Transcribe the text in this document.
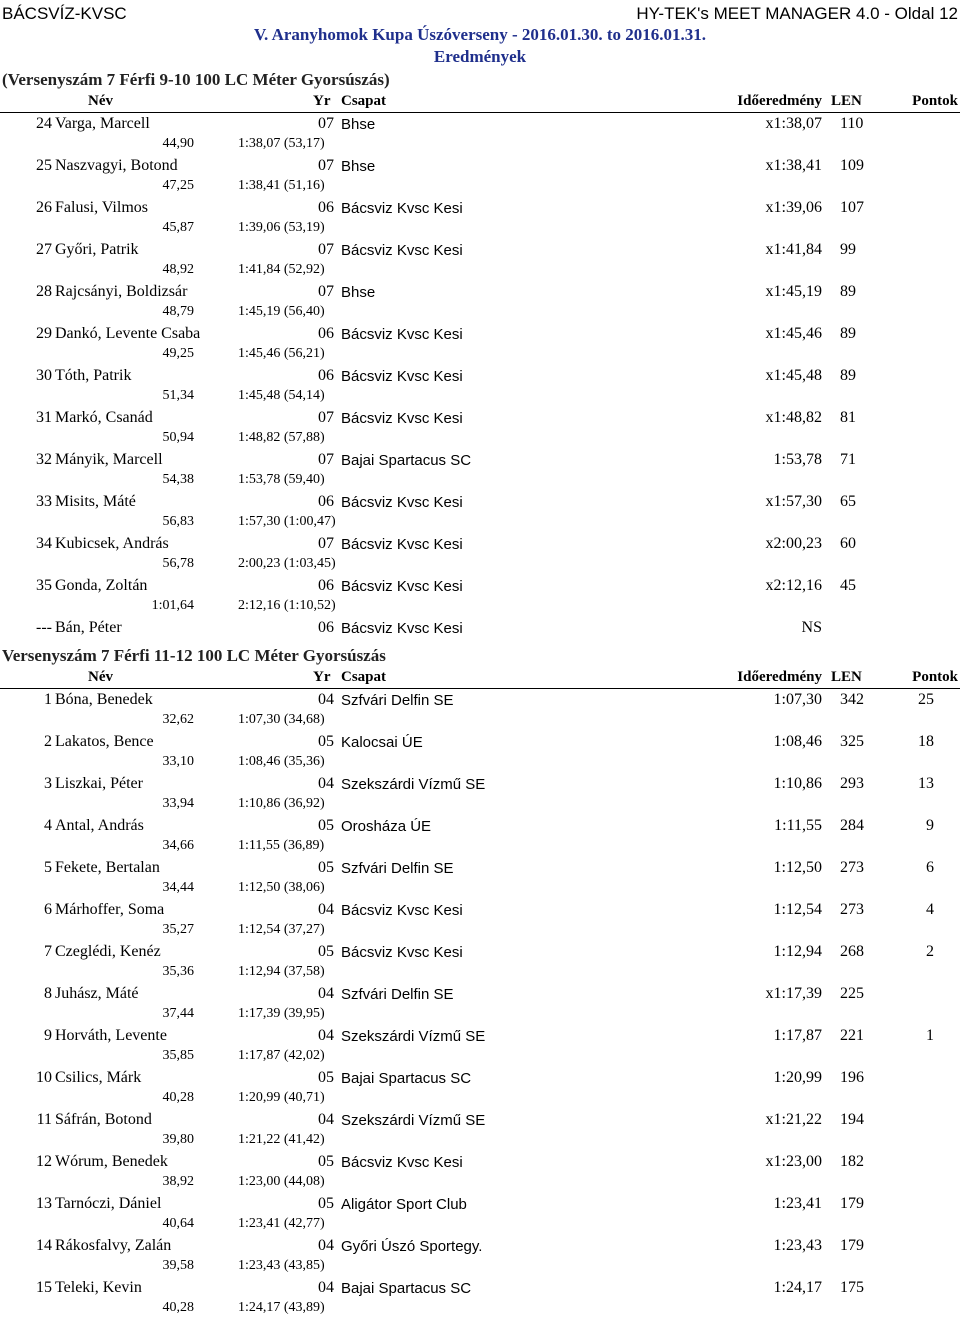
BÁCSVÍZ-KVSC	HY-TEK's MEET MANAGER 4.0 - Oldal 12
V. Aranyhomok Kupa Úszóverseny - 2016.01.30. to 2016.01.31.
Eredmények
(Versenyszám 7 Férfi 9-10 100 LC Méter Gyorsúszás)
Név	Yr Csapat	Időeredmény LEN	Pontok
24 Varga, Marcell	07 Bhse	x1:38,07 110
44,90	1:38,07 (53,17)
25 Naszvagyi, Botond	07 Bhse	x1:38,41 109
47,25	1:38,41 (51,16)
26 Falusi, Vilmos	06 Bácsviz Kvsc Kesi	x1:39,06 107
45,87	1:39,06 (53,19)
27 Győri, Patrik	07 Bácsviz Kvsc Kesi	x1:41,84 99
48,92	1:41,84 (52,92)
28 Rajcsányi, Boldizsár	07 Bhse	x1:45,19 89
48,79	1:45,19 (56,40)
29 Dankó, Levente Csaba	06 Bácsviz Kvsc Kesi	x1:45,46 89
49,25	1:45,46 (56,21)
30 Tóth, Patrik	06 Bácsviz Kvsc Kesi	x1:45,48 89
51,34	1:45,48 (54,14)
31 Markó, Csanád	07 Bácsviz Kvsc Kesi	x1:48,82 81
50,94	1:48,82 (57,88)
32 Mányik, Marcell	07 Bajai Spartacus SC	1:53,78 71
54,38	1:53,78 (59,40)
33 Misits, Máté	06 Bácsviz Kvsc Kesi	x1:57,30 65
56,83	1:57,30 (1:00,47)
34 Kubicsek, András	07 Bácsviz Kvsc Kesi	x2:00,23 60
56,78	2:00,23 (1:03,45)
35 Gonda, Zoltán	06 Bácsviz Kvsc Kesi	x2:12,16 45
1:01,64	2:12,16 (1:10,52)
--- Bán, Péter	06 Bácsviz Kvsc Kesi	NS
Versenyszám 7 Férfi 11-12 100 LC Méter Gyorsúszás
Név	Yr Csapat	Időeredmény LEN	Pontok
1 Bóna, Benedek	04 Szfvári Delfin SE	1:07,30 342	25
32,62	1:07,30 (34,68)
2 Lakatos, Bence	05 Kalocsai ÚE	1:08,46 325	18
33,10	1:08,46 (35,36)
3 Liszkai, Péter	04 Szekszárdi Vízmű SE	1:10,86 293	13
33,94	1:10,86 (36,92)
4 Antal, András	05 Orosháza ÚE	1:11,55 284	9
34,66	1:11,55 (36,89)
5 Fekete, Bertalan	05 Szfvári Delfin SE	1:12,50 273	6
34,44	1:12,50 (38,06)
6 Márhoffer, Soma	04 Bácsviz Kvsc Kesi	1:12,54 273	4
35,27	1:12,54 (37,27)
7 Czeglédi, Kenéz	05 Bácsviz Kvsc Kesi	1:12,94 268	2
35,36	1:12,94 (37,58)
8 Juhász, Máté	04 Szfvári Delfin SE	x1:17,39 225
37,44	1:17,39 (39,95)
9 Horváth, Levente	04 Szekszárdi Vízmű SE	1:17,87 221	1
35,85	1:17,87 (42,02)
10 Csilics, Márk	05 Bajai Spartacus SC	1:20,99 196
40,28	1:20,99 (40,71)
11 Sáfrán, Botond	04 Szekszárdi Vízmű SE	x1:21,22 194
39,80	1:21,22 (41,42)
12 Wórum, Benedek	05 Bácsviz Kvsc Kesi	x1:23,00 182
38,92	1:23,00 (44,08)
13 Tarnóczi, Dániel	05 Aligátor Sport Club	1:23,41 179
40,64	1:23,41 (42,77)
14 Rákosfalvy, Zalán	04 Győri Úszó Sportegy.	1:23,43 179
39,58	1:23,43 (43,85)
15 Teleki, Kevin	04 Bajai Spartacus SC	1:24,17 175
40,28	1:24,17 (43,89)
